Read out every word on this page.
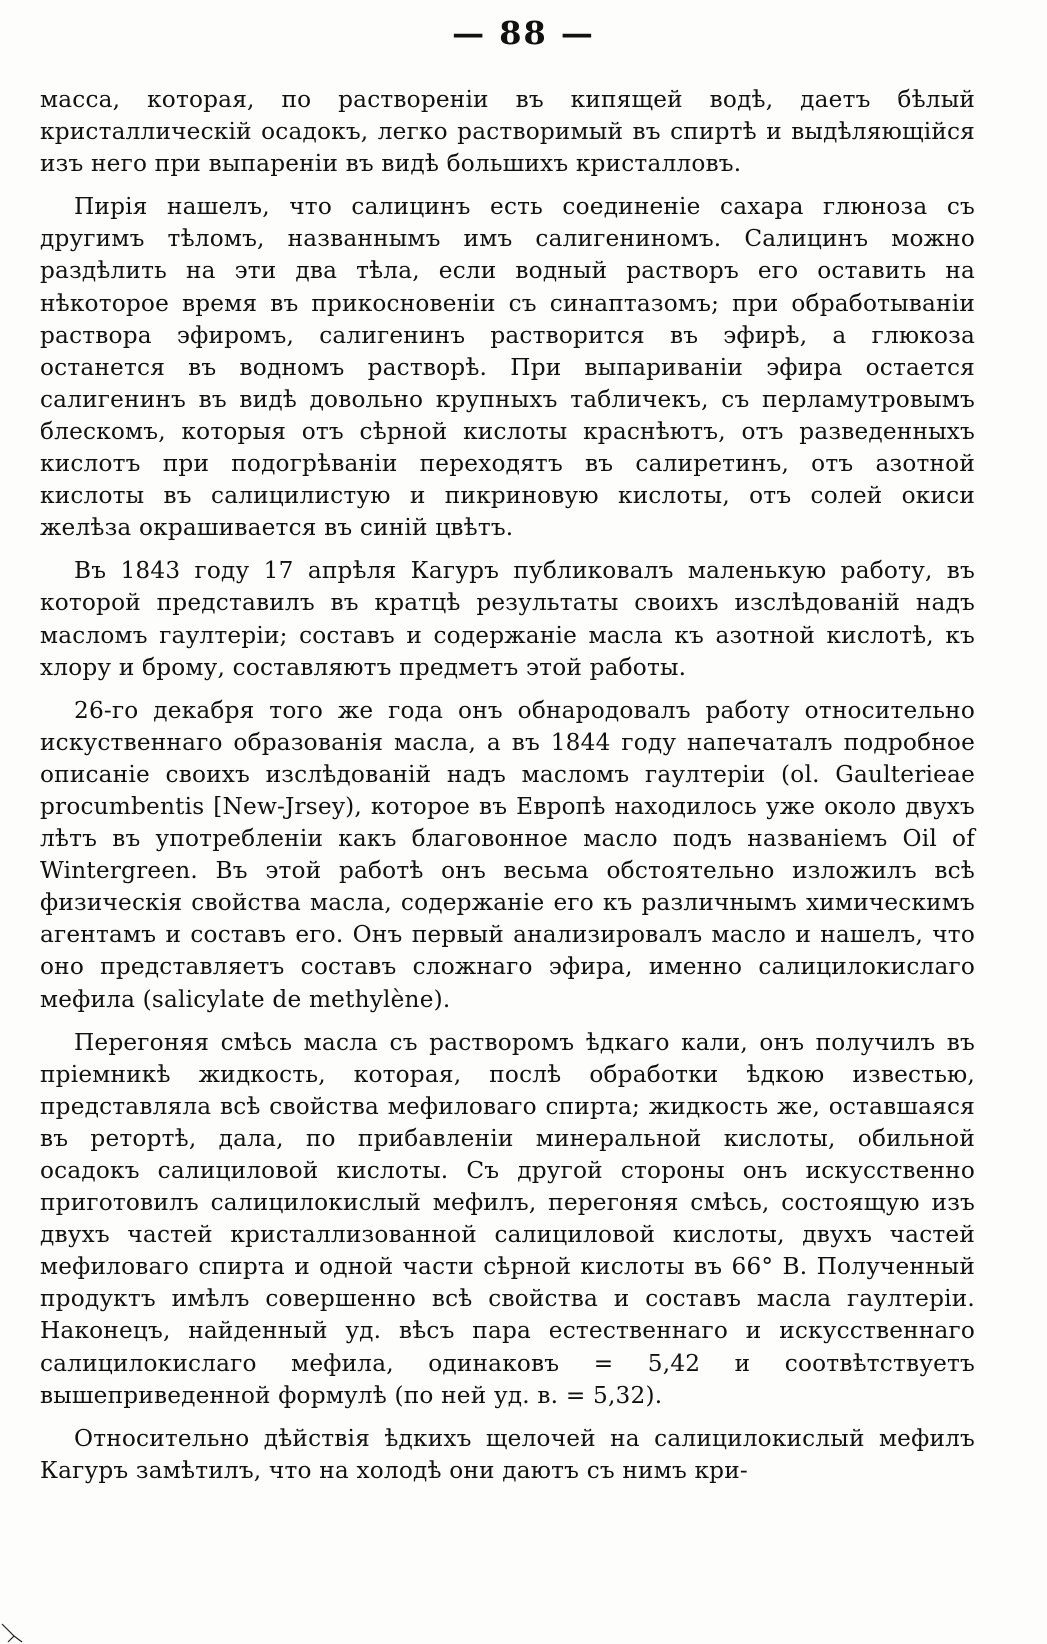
— 88 —

масса, которая, по раствореніи въ кипящей водѣ, даетъ бѣлый кристаллическій осадокъ, легко растворимый въ спиртѣ и выдѣляющійся изъ него при выпареніи въ видѣ большихъ кристалловъ.

Пирія нашелъ, что салицинъ есть соединеніе сахара глюноза съ другимъ тѣломъ, названнымъ имъ салигениномъ. Салицинъ можно раздѣлить на эти два тѣла, если водный растворъ его оставить на нѣкоторое время въ прикосновеніи съ синаптазомъ; при обработываніи раствора эфиромъ, салигенинъ растворится въ эфирѣ, а глюкоза останется въ водномъ растворѣ. При выпариваніи эфира остается салигенинъ въ видѣ довольно крупныхъ табличекъ, съ перламутровымъ блескомъ, которыя отъ сѣрной кислоты краснѣютъ, отъ разведенныхъ кислотъ при подогрѣваніи переходятъ въ салиретинъ, отъ азотной кислоты въ салицилистую и пикриновую кислоты, отъ солей окиси желѣза окрашивается въ синій цвѣтъ.

Въ 1843 году 17 апрѣля Кагуръ публиковалъ маленькую работу, въ которой представилъ въ кратцѣ результаты своихъ изслѣдованій надъ масломъ гаултеріи; составъ и содержаніе масла къ азотной кислотѣ, къ хлору и брому, составляютъ предметъ этой работы.

26-го декабря того же года онъ обнародовалъ работу относительно искуственнаго образованія масла, а въ 1844 году напечаталъ подробное описаніе своихъ изслѣдованій надъ масломъ гаултеріи (ol. Gaulterieae procumbentis [New-Jrsey), которое въ Европѣ находилось уже около двухъ лѣтъ въ употребленіи какъ благовонное масло подъ названіемъ Oil of Wintergreen. Въ этой работѣ онъ весьма обстоятельно изложилъ всѣ физическія свойства масла, содержаніе его къ различнымъ химическимъ агентамъ и составъ его. Онъ первый анализировалъ масло и нашелъ, что оно представляетъ составъ сложнаго эфира, именно салицилокислаго мефила (salicylate de methylène).

Перегоняя смѣсь масла съ растворомъ ѣдкаго кали, онъ получилъ въ пріемникѣ жидкость, которая, послѣ обработки ѣдкою известью, представляла всѣ свойства мефиловаго спирта; жидкость же, оставшаяся въ ретортѣ, дала, по прибавленіи минеральной кислоты, обильной осадокъ салициловой кислоты. Съ другой стороны онъ искусственно приготовилъ салицилокислый мефилъ, перегоняя смѣсь, состоящую изъ двухъ частей кристаллизованной салициловой кислоты, двухъ частей мефиловаго спирта и одной части сѣрной кислоты въ 66° В. Полученный продуктъ имѣлъ совершенно всѣ свойства и составъ масла гаултеріи. Наконецъ, найденный уд. вѣсъ пара естественнаго и искусственнаго салицилокислаго мефила, одинаковъ = 5,42 и соотвѣтствуетъ вышеприведенной формулѣ (по ней уд. в. = 5,32).

Относительно дѣйствія ѣдкихъ щелочей на салицилокислый мефилъ Кагуръ замѣтилъ, что на холодѣ они даютъ съ нимъ кри-
